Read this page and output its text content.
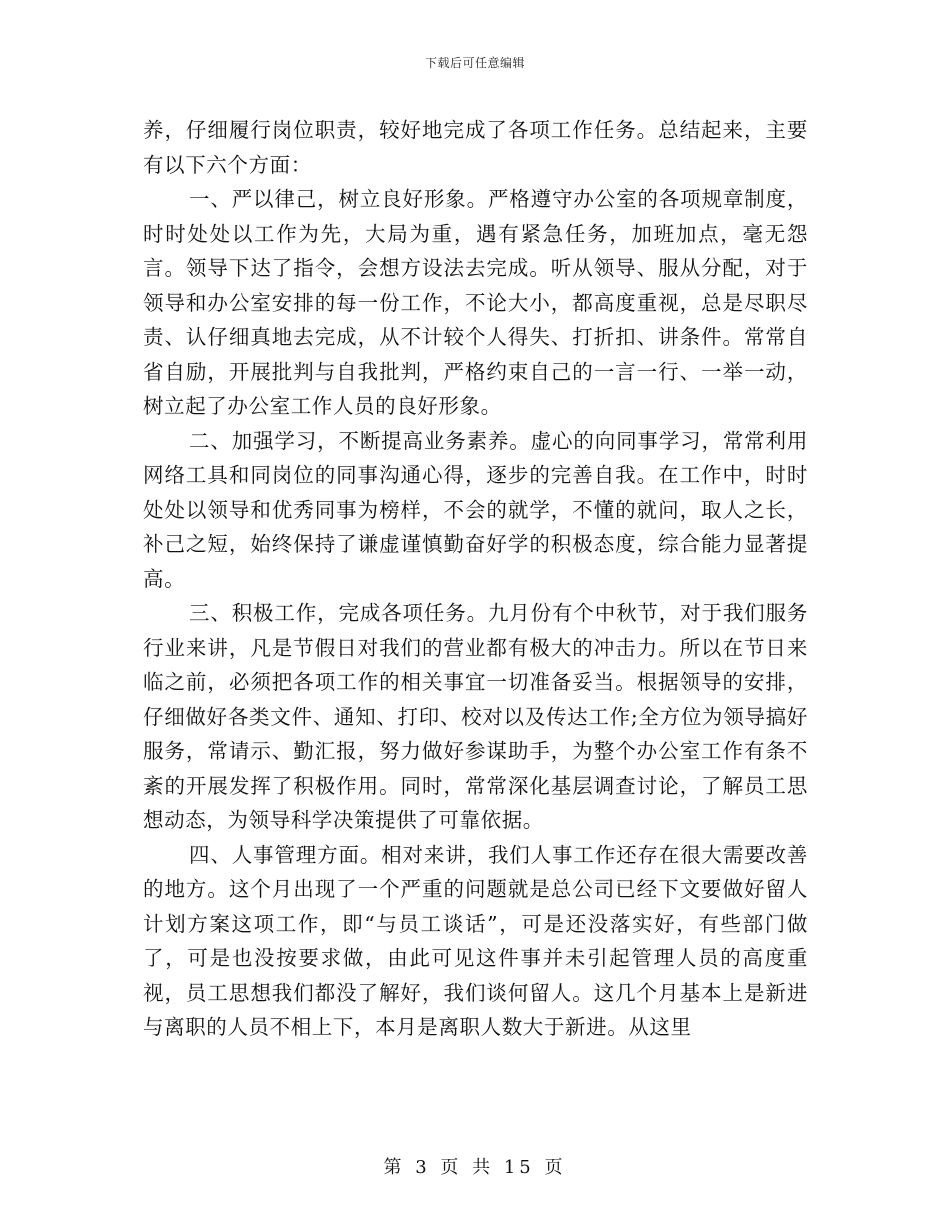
下载后可任意编辑

养，仔细履行岗位职责，较好地完成了各项工作任务。总结起来，主要有以下六个方面：

一、严以律己，树立良好形象。严格遵守办公室的各项规章制度，时时处处以工作为先，大局为重，遇有紧急任务，加班加点，毫无怨言。领导下达了指令，会想方设法去完成。听从领导、服从分配，对于领导和办公室安排的每一份工作，不论大小，都高度重视，总是尽职尽责、认仔细真地去完成，从不计较个人得失、打折扣、讲条件。常常自省自励，开展批判与自我批判，严格约束自己的一言一行、一举一动，树立起了办公室工作人员的良好形象。

二、加强学习，不断提高业务素养。虚心的向同事学习，常常利用网络工具和同岗位的同事沟通心得，逐步的完善自我。在工作中，时时处处以领导和优秀同事为榜样，不会的就学，不懂的就问，取人之长，补己之短，始终保持了谦虚谨慎勤奋好学的积极态度，综合能力显著提高。

三、积极工作，完成各项任务。九月份有个中秋节，对于我们服务行业来讲，凡是节假日对我们的营业都有极大的冲击力。所以在节日来临之前，必须把各项工作的相关事宜一切准备妥当。根据领导的安排，仔细做好各类文件、通知、打印、校对以及传达工作;全方位为领导搞好服务，常请示、勤汇报，努力做好参谋助手，为整个办公室工作有条不紊的开展发挥了积极作用。同时，常常深化基层调查讨论，了解员工思想动态，为领导科学决策提供了可靠依据。

四、人事管理方面。相对来讲，我们人事工作还存在很大需要改善的地方。这个月出现了一个严重的问题就是总公司已经下文要做好留人计划方案这项工作，即“与员工谈话”，可是还没落实好，有些部门做了，可是也没按要求做，由此可见这件事并未引起管理人员的高度重视，员工思想我们都没了解好，我们谈何留人。这几个月基本上是新进与离职的人员不相上下，本月是离职人数大于新进。从这里

第 3 页 共 15 页
